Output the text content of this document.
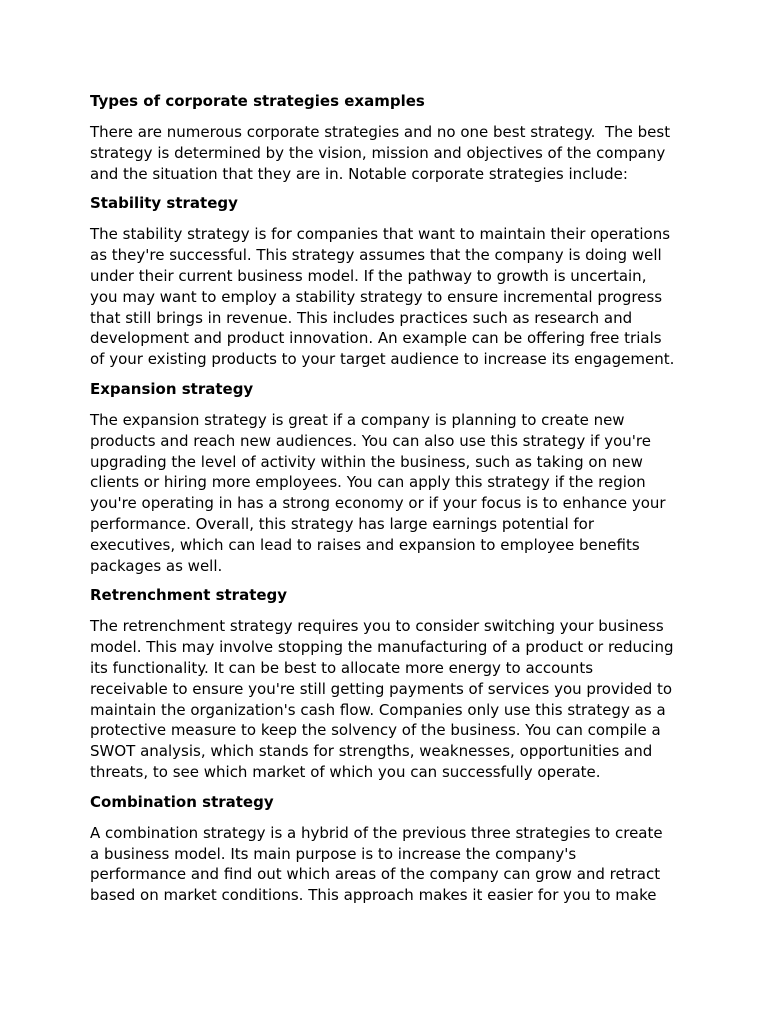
Types of corporate strategies examples
There are numerous corporate strategies and no one best strategy.  The best
strategy is determined by the vision, mission and objectives of the company
and the situation that they are in. Notable corporate strategies include:
Stability strategy
The stability strategy is for companies that want to maintain their operations
as they're successful. This strategy assumes that the company is doing well
under their current business model. If the pathway to growth is uncertain,
you may want to employ a stability strategy to ensure incremental progress
that still brings in revenue. This includes practices such as research and
development and product innovation. An example can be offering free trials
of your existing products to your target audience to increase its engagement.
Expansion strategy
The expansion strategy is great if a company is planning to create new
products and reach new audiences. You can also use this strategy if you're
upgrading the level of activity within the business, such as taking on new
clients or hiring more employees. You can apply this strategy if the region
you're operating in has a strong economy or if your focus is to enhance your
performance. Overall, this strategy has large earnings potential for
executives, which can lead to raises and expansion to employee benefits
packages as well.
Retrenchment strategy
The retrenchment strategy requires you to consider switching your business
model. This may involve stopping the manufacturing of a product or reducing
its functionality. It can be best to allocate more energy to accounts
receivable to ensure you're still getting payments of services you provided to
maintain the organization's cash flow. Companies only use this strategy as a
protective measure to keep the solvency of the business. You can compile a
SWOT analysis, which stands for strengths, weaknesses, opportunities and
threats, to see which market of which you can successfully operate.
Combination strategy
A combination strategy is a hybrid of the previous three strategies to create
a business model. Its main purpose is to increase the company's
performance and find out which areas of the company can grow and retract
based on market conditions. This approach makes it easier for you to make
